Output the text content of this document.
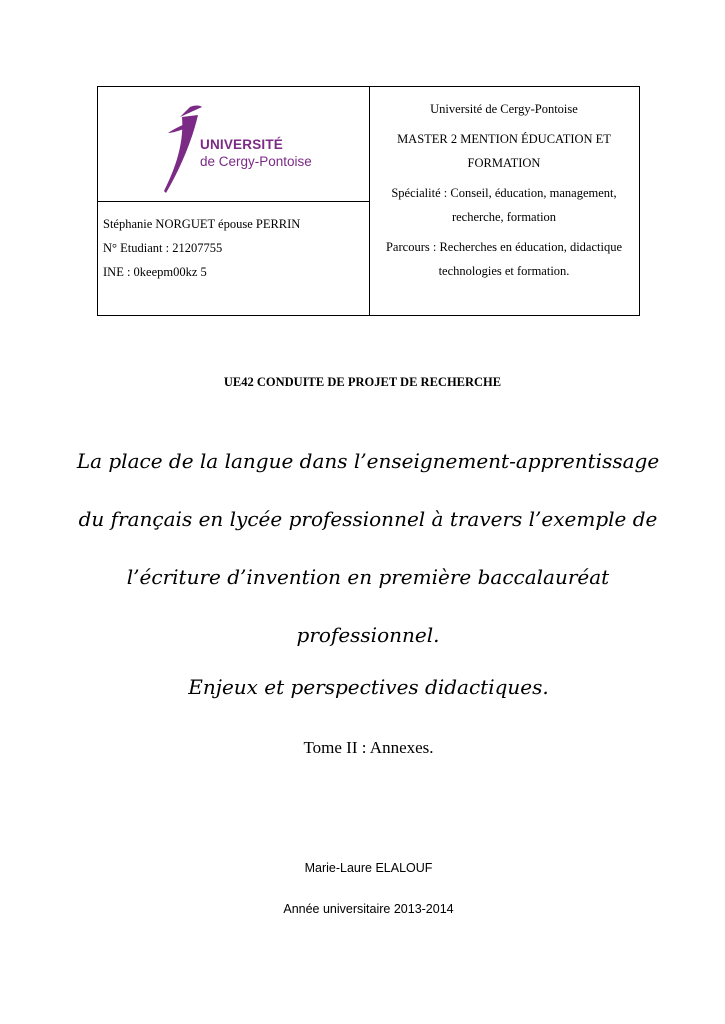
UNIVERSITÉ
de Cergy-Pontoise
Stéphanie NORGUET épouse PERRIN
N° Etudiant : 21207755
INE : 0keepm00kz 5
Université de Cergy-Pontoise
MASTER 2 MENTION ÉDUCATION ET
FORMATION
Spécialité : Conseil, éducation, management,
recherche, formation
Parcours : Recherches en éducation, didactique
technologies et formation.
UE42 CONDUITE DE PROJET DE RECHERCHE
La place de la langue dans l’enseignement-apprentissage
du français en lycée professionnel à travers l’exemple de
l’écriture d’invention en première baccalauréat
professionnel.
Enjeux et perspectives didactiques.
Tome II : Annexes.
Marie-Laure ELALOUF
Année universitaire 2013-2014
